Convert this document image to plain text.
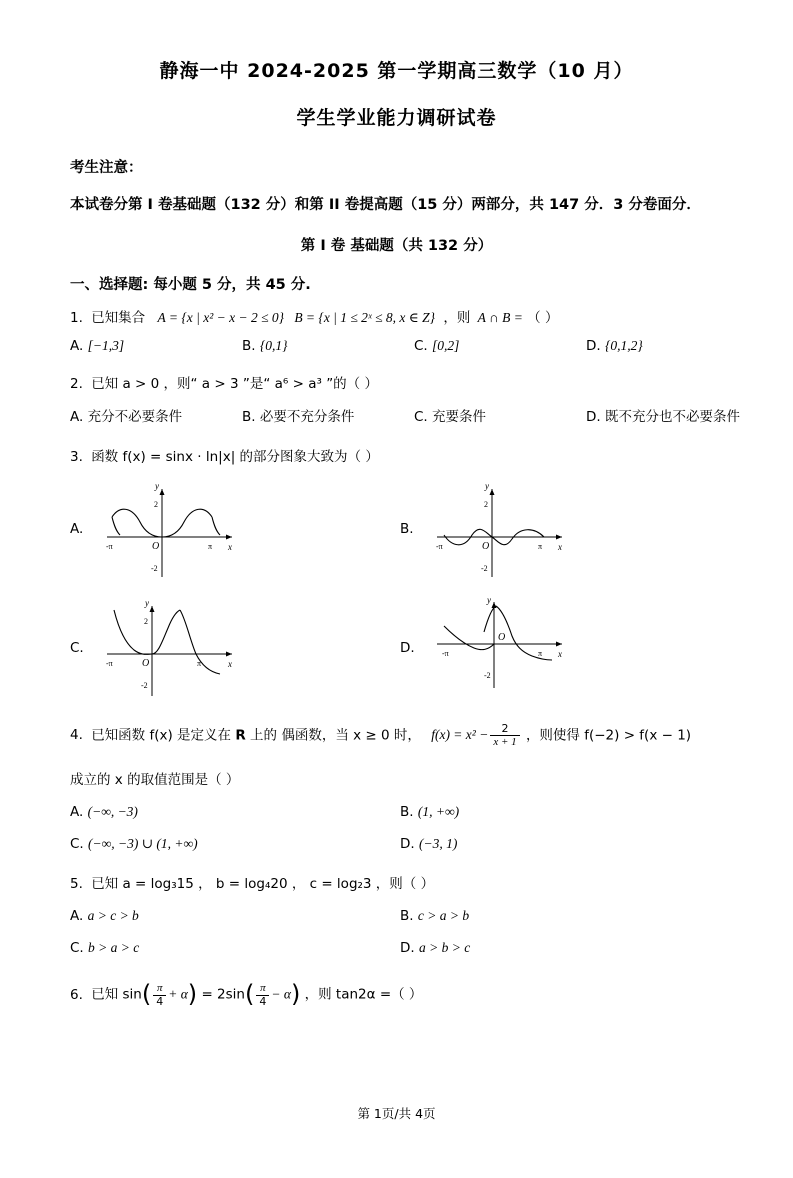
静海一中 2024-2025 第一学期高三数学（10 月）
学生学业能力调研试卷
考生注意：
本试卷分第 I 卷基础题（132 分）和第 II 卷提高题（15 分）两部分，共 147 分．3 分卷面分．
第 I 卷 基础题（共 132 分）
一、选择题: 每小题 5 分，共 45 分.
1. 已知集合 A = {x | x² − x − 2 ≤ 0} B = {x | 1 ≤ 2ˣ ≤ 8, x ∈ Z} ，则 A ∩ B = （ ）
A. [−1,3]	B. {0,1}	C. [0,2]	D. {0,1,2}
2. 已知 a > 0 ，则“ a > 3 ”是“ a⁶ > a³ ”的（ ）
A. 充分不必要条件	B. 必要不充分条件	C. 充要条件	D. 既不充分也不必要条件
3. 函数 f(x) = sinx · ln|x| 的部分图象大致为（ ）
A.
y
x
O
2
-2
-π	π
B.
y
x
O
2
-2
-π	π
C.
y
x
O
2
-2
-π	π
D.
y
x
O
-2
-π	π
4. 已知函数 f(x) 是定义在 R 上的 偶函数，当 x ≥ 0 时， $f(x) = x^2 - \frac{2}{x + 1}$ ，则使得 f(−2) > f(x − 1)
成立的 x 的取值范围是（ ）
A. (−∞, −3)	B. (1, +∞)
C. (−∞, −3) ∪ (1, +∞)	D. (−3, 1)
5. 已知 a = log₃15 ， b = log₄20 ， c = log₂3 ，则（ ）
A. a > c > b	B. c > a > b
C. b > a > c	D. a > b > c
6. 已知 $\sin( \frac{\pi}{4} + \alpha) = 2\sin( \frac{\pi}{4} - \alpha)$ ，则 tan2α =（ ）
第 1页/共 4页
